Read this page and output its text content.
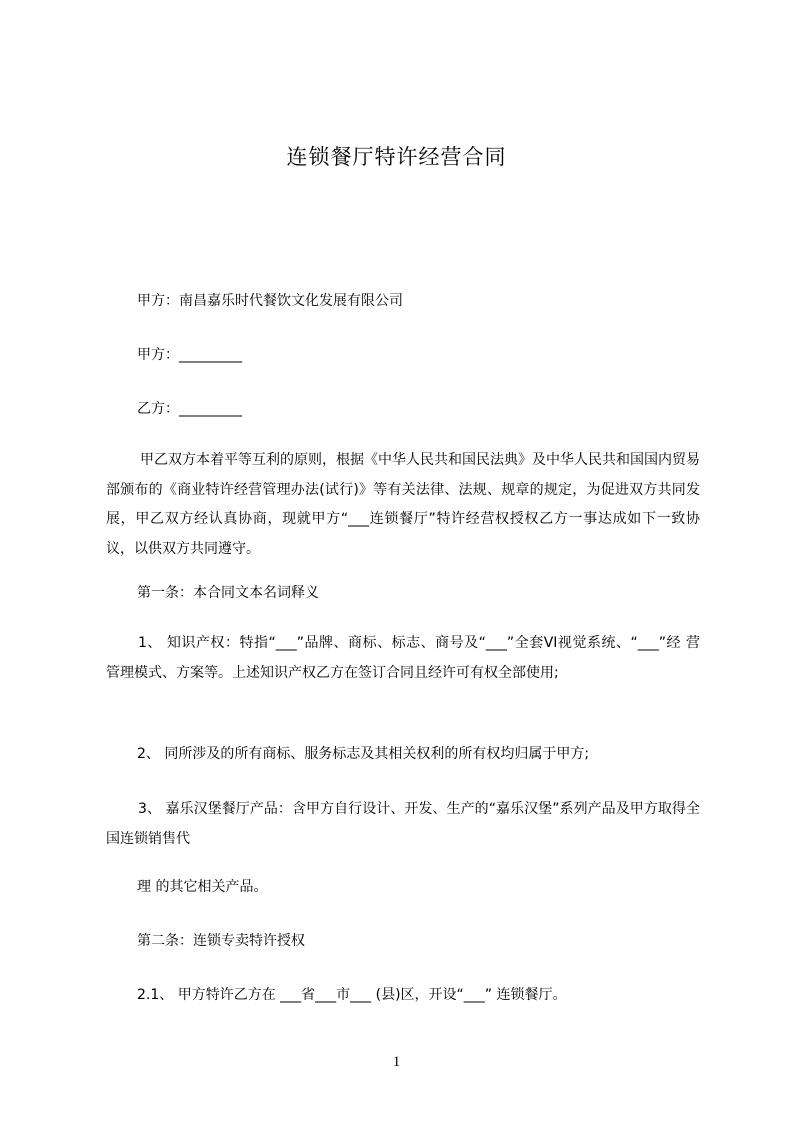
连锁餐厅特许经营合同
甲方：南昌嘉乐时代餐饮文化发展有限公司
甲方：_________
乙方：_________
甲乙双方本着平等互利的原则，根据《中华人民共和国民法典》及中华人民共和国国内贸易部颁布的《商业特许经营管理办法(试行)》等有关法律、法规、规章的规定，为促进双方共同发展，甲乙双方经认真协商，现就甲方“___连锁餐厅”特许经营权授权乙方一事达成如下一致协议，以供双方共同遵守。
第一条：本合同文本名词释义
1、 知识产权：特指“___”品牌、商标、标志、商号及“___”全套VI视觉系统、“___”经 营 管理模式、方案等。上述知识产权乙方在签订合同且经许可有权全部使用;
2、 同所涉及的所有商标、服务标志及其相关权利的所有权均归属于甲方;
3、 嘉乐汉堡餐厅产品：含甲方自行设计、开发、生产的“嘉乐汉堡”系列产品及甲方取得全国连锁销售代
理 的其它相关产品。
第二条：连锁专卖特许授权
2.1、 甲方特许乙方在 ___省___市___ (县)区，开设“___” 连锁餐厅。
1
